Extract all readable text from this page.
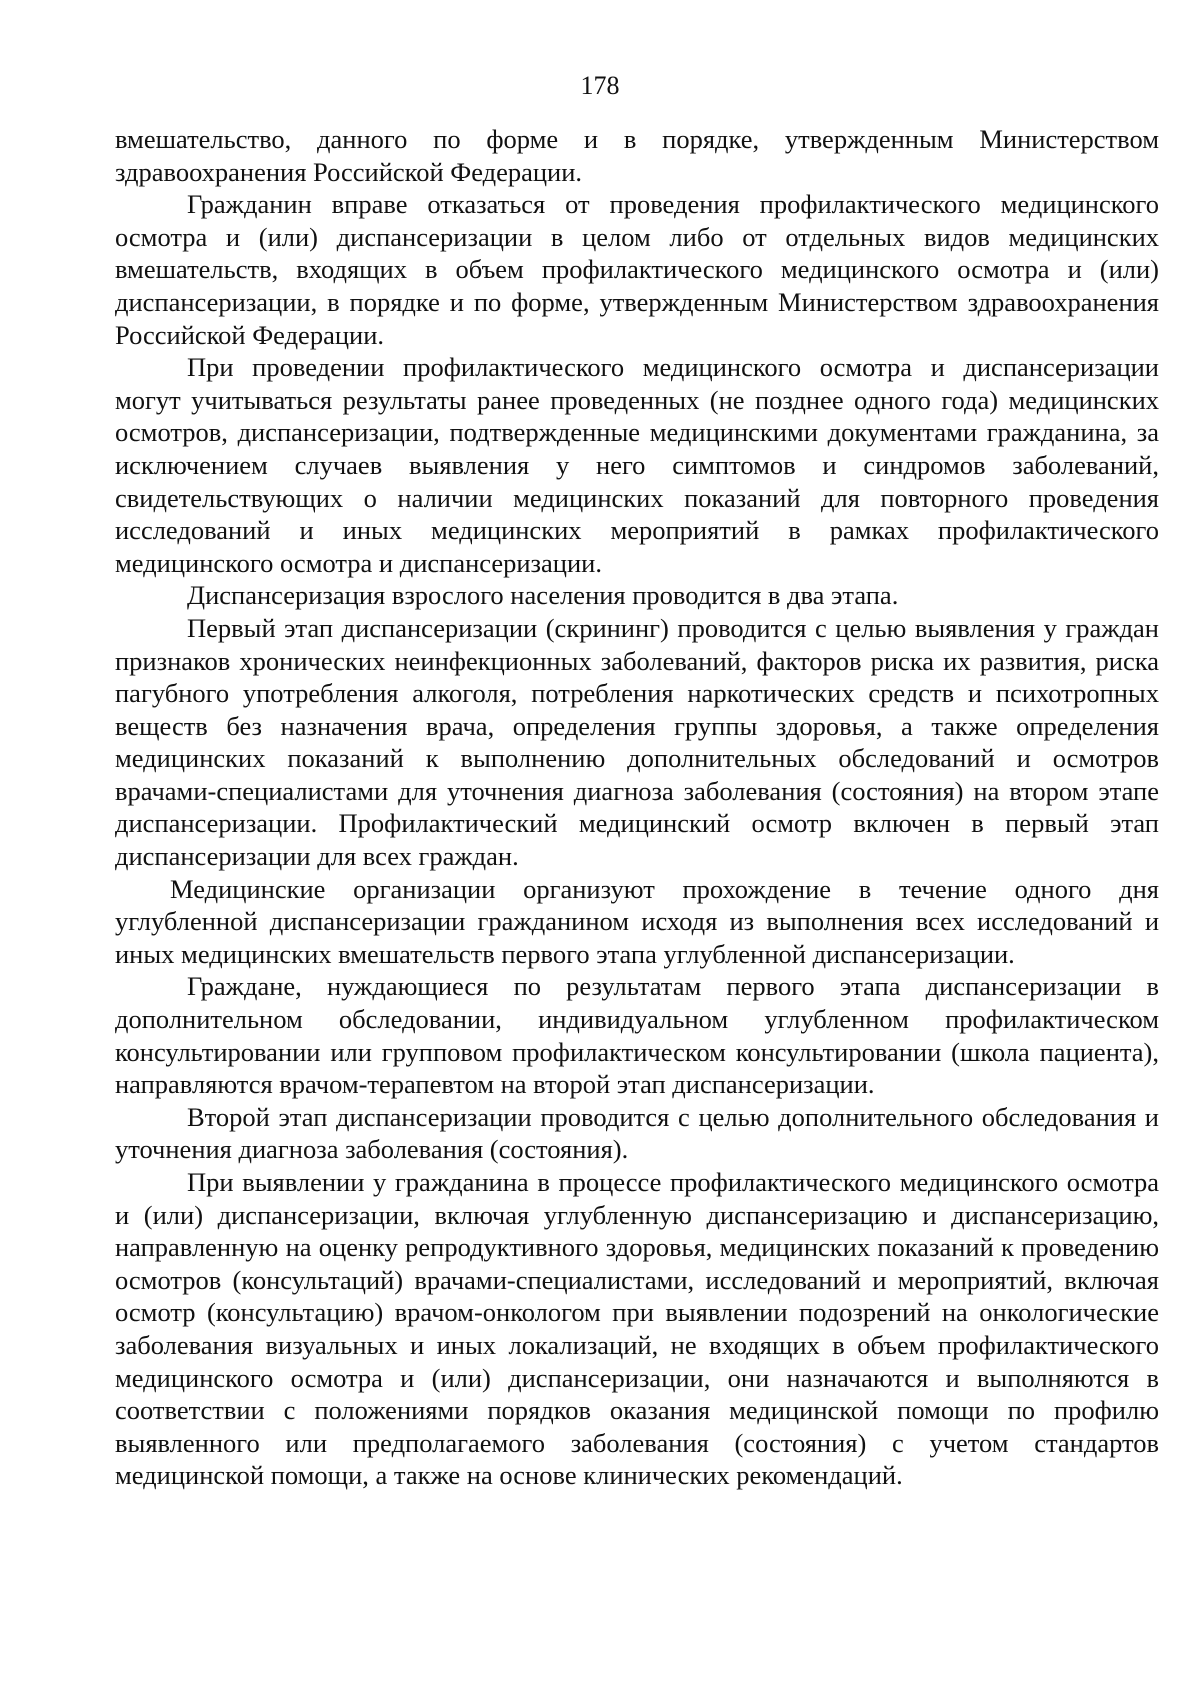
178

вмешательство, данного по форме и в порядке, утвержденным Министерством здравоохранения Российской Федерации.

Гражданин вправе отказаться от проведения профилактического медицинского осмотра и (или) диспансеризации в целом либо от отдельных видов медицинских вмешательств, входящих в объем профилактического медицинского осмотра и (или) диспансеризации, в порядке и по форме, утвержденным Министерством здравоохранения Российской Федерации.

При проведении профилактического медицинского осмотра и диспансеризации могут учитываться результаты ранее проведенных (не позднее одного года) медицинских осмотров, диспансеризации, подтвержденные медицинскими документами гражданина, за исключением случаев выявления у него симптомов и синдромов заболеваний, свидетельствующих о наличии медицинских показаний для повторного проведения исследований и иных медицинских мероприятий в рамках профилактического медицинского осмотра и диспансеризации.

Диспансеризация взрослого населения проводится в два этапа.

Первый этап диспансеризации (скрининг) проводится с целью выявления у граждан признаков хронических неинфекционных заболеваний, факторов риска их развития, риска пагубного употребления алкоголя, потребления наркотических средств и психотропных веществ без назначения врача, определения группы здоровья, а также определения медицинских показаний к выполнению дополнительных обследований и осмотров врачами-специалистами для уточнения диагноза заболевания (состояния) на втором этапе диспансеризации. Профилактический медицинский осмотр включен в первый этап диспансеризации для всех граждан.

Медицинские организации организуют прохождение в течение одного дня углубленной диспансеризации гражданином исходя из выполнения всех исследований и иных медицинских вмешательств первого этапа углубленной диспансеризации.

Граждане, нуждающиеся по результатам первого этапа диспансеризации в дополнительном обследовании, индивидуальном углубленном профилактическом консультировании или групповом профилактическом консультировании (школа пациента), направляются врачом-терапевтом на второй этап диспансеризации.

Второй этап диспансеризации проводится с целью дополнительного обследования и уточнения диагноза заболевания (состояния).

При выявлении у гражданина в процессе профилактического медицинского осмотра и (или) диспансеризации, включая углубленную диспансеризацию и диспансеризацию, направленную на оценку репродуктивного здоровья, медицинских показаний к проведению осмотров (консультаций) врачами-специалистами, исследований и мероприятий, включая осмотр (консультацию) врачом-онкологом при выявлении подозрений на онкологические заболевания визуальных и иных локализаций, не входящих в объем профилактического медицинского осмотра и (или) диспансеризации, они назначаются и выполняются в соответствии с положениями порядков оказания медицинской помощи по профилю выявленного или предполагаемого заболевания (состояния) с учетом стандартов медицинской помощи, а также на основе клинических рекомендаций.
